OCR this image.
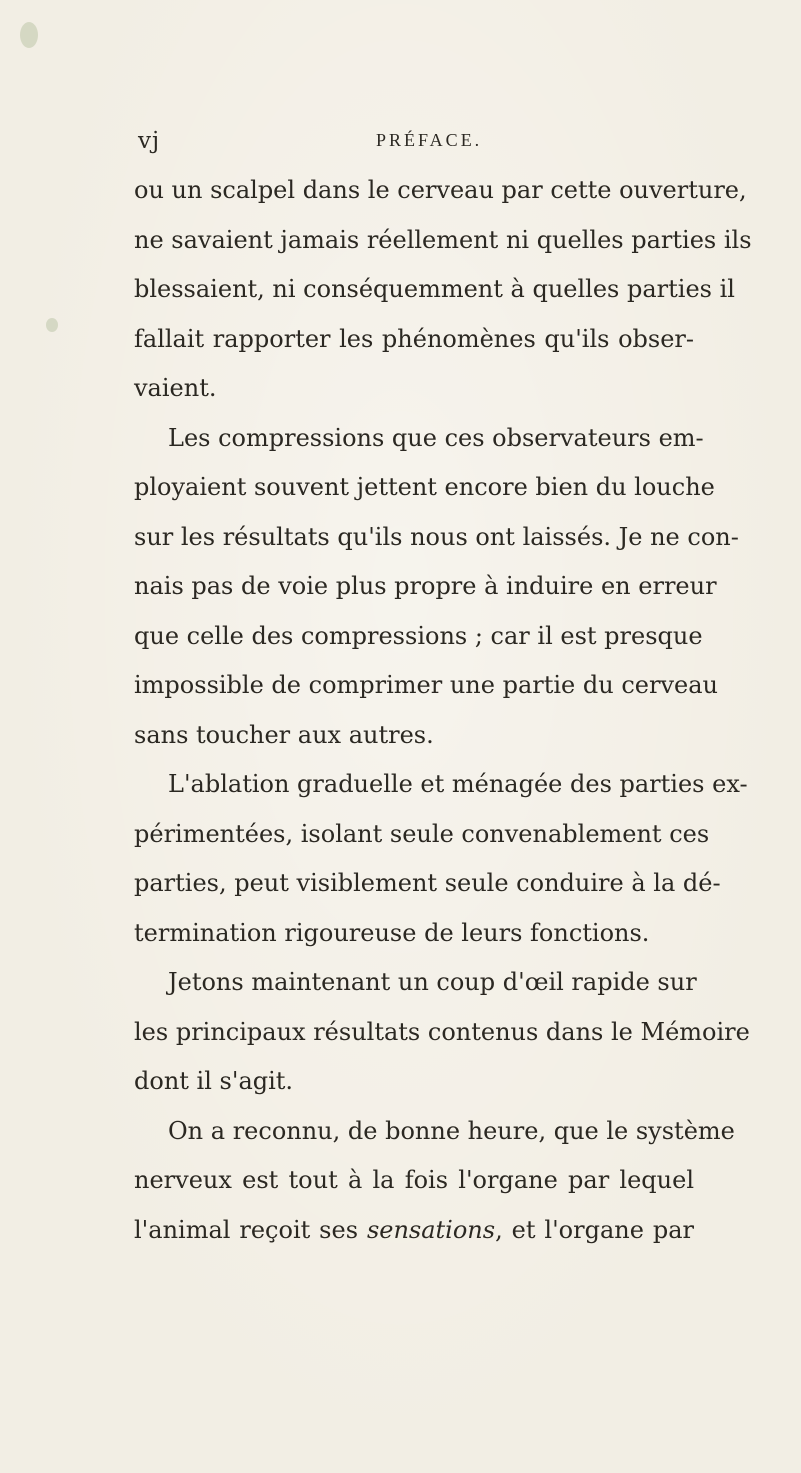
vj	PRÉFACE.

ou un scalpel dans le cerveau par cette ouverture,
ne savaient jamais réellement ni quelles parties ils
blessaient, ni conséquemment à quelles parties il
fallait rapporter les phénomènes qu'ils obser-
vaient.

Les compressions que ces observateurs em-
ployaient souvent jettent encore bien du louche
sur les résultats qu'ils nous ont laissés. Je ne con-
nais pas de voie plus propre à induire en erreur
que celle des compressions ; car il est presque
impossible de comprimer une partie du cerveau
sans toucher aux autres.

L'ablation graduelle et ménagée des parties ex-
périmentées, isolant seule convenablement ces
parties, peut visiblement seule conduire à la dé-
termination rigoureuse de leurs fonctions.

Jetons maintenant un coup d'œil rapide sur
les principaux résultats contenus dans le Mémoire
dont il s'agit.

On a reconnu, de bonne heure, que le système
nerveux est tout à la fois l'organe par lequel
l'animal reçoit ses sensations, et l'organe par
